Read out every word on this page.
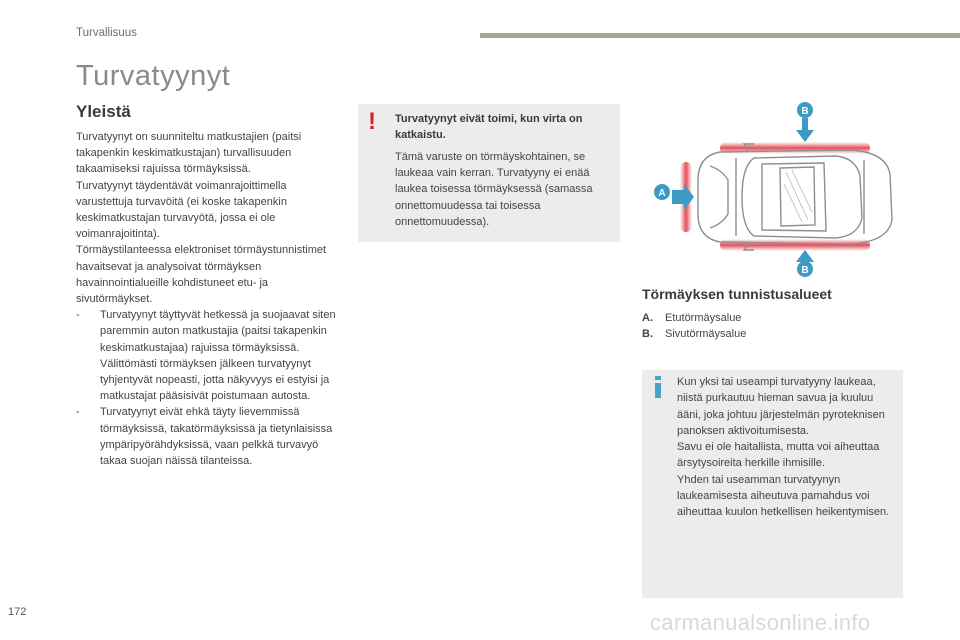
Turvallisuus
Turvatyynyt
Yleistä

Turvatyynyt on suunniteltu matkustajien (paitsi takapenkin keskimatkustajan) turvallisuuden takaamiseksi rajuissa törmäyksissä.

Turvatyynyt täydentävät voimanrajoittimella varustettuja turvavöitä (ei koske takapenkin keskimatkustajan turvavyötä, jossa ei ole voimanrajoitinta).

Törmäystilanteessa elektroniset törmäystunnistimet havaitsevat ja analysoivat törmäyksen havainnointialueille kohdistuneet etu- ja sivutörmäykset.

-	Turvatyynyt täyttyvät hetkessä ja suojaavat siten paremmin auton matkustajia (paitsi takapenkin keskimatkustajaa) rajuissa törmäyksissä. Välittömästi törmäyksen jälkeen turvatyynyt tyhjentyvät nopeasti, jotta näkyvyys ei estyisi ja matkustajat pääsisivät poistumaan autosta.
-	Turvatyynyt eivät ehkä täyty lievemmissä törmäyksissä, takatörmäyksissä ja tietynlaisissa ympäripyörähdyksissä, vaan pelkkä turvavyö takaa suojan näissä tilanteissa.
! Turvatyynyt eivät toimi, kun virta on katkaistu.
Tämä varuste on törmäyskohtainen, se laukeaa vain kerran. Turvatyyny ei enää laukea toisessa törmäyksessä (samassa onnettomuudessa tai toisessa onnettomuudessa).
A
B
B
Törmäyksen tunnistusalueet
A.	Etutörmäysalue
B.	Sivutörmäysalue

Kun yksi tai useampi turvatyyny laukeaa, niistä purkautuu hieman savua ja kuuluu ääni, joka johtuu järjestelmän pyroteknisen panoksen aktivoitumisesta.

Savu ei ole haitallista, mutta voi aiheuttaa ärsytysoireita herkille ihmisille.

Yhden tai useamman turvatyynyn laukeamisesta aiheutuva pamahdus voi aiheuttaa kuulon hetkellisen heikentymisen.

172	carmanualsonline.info
